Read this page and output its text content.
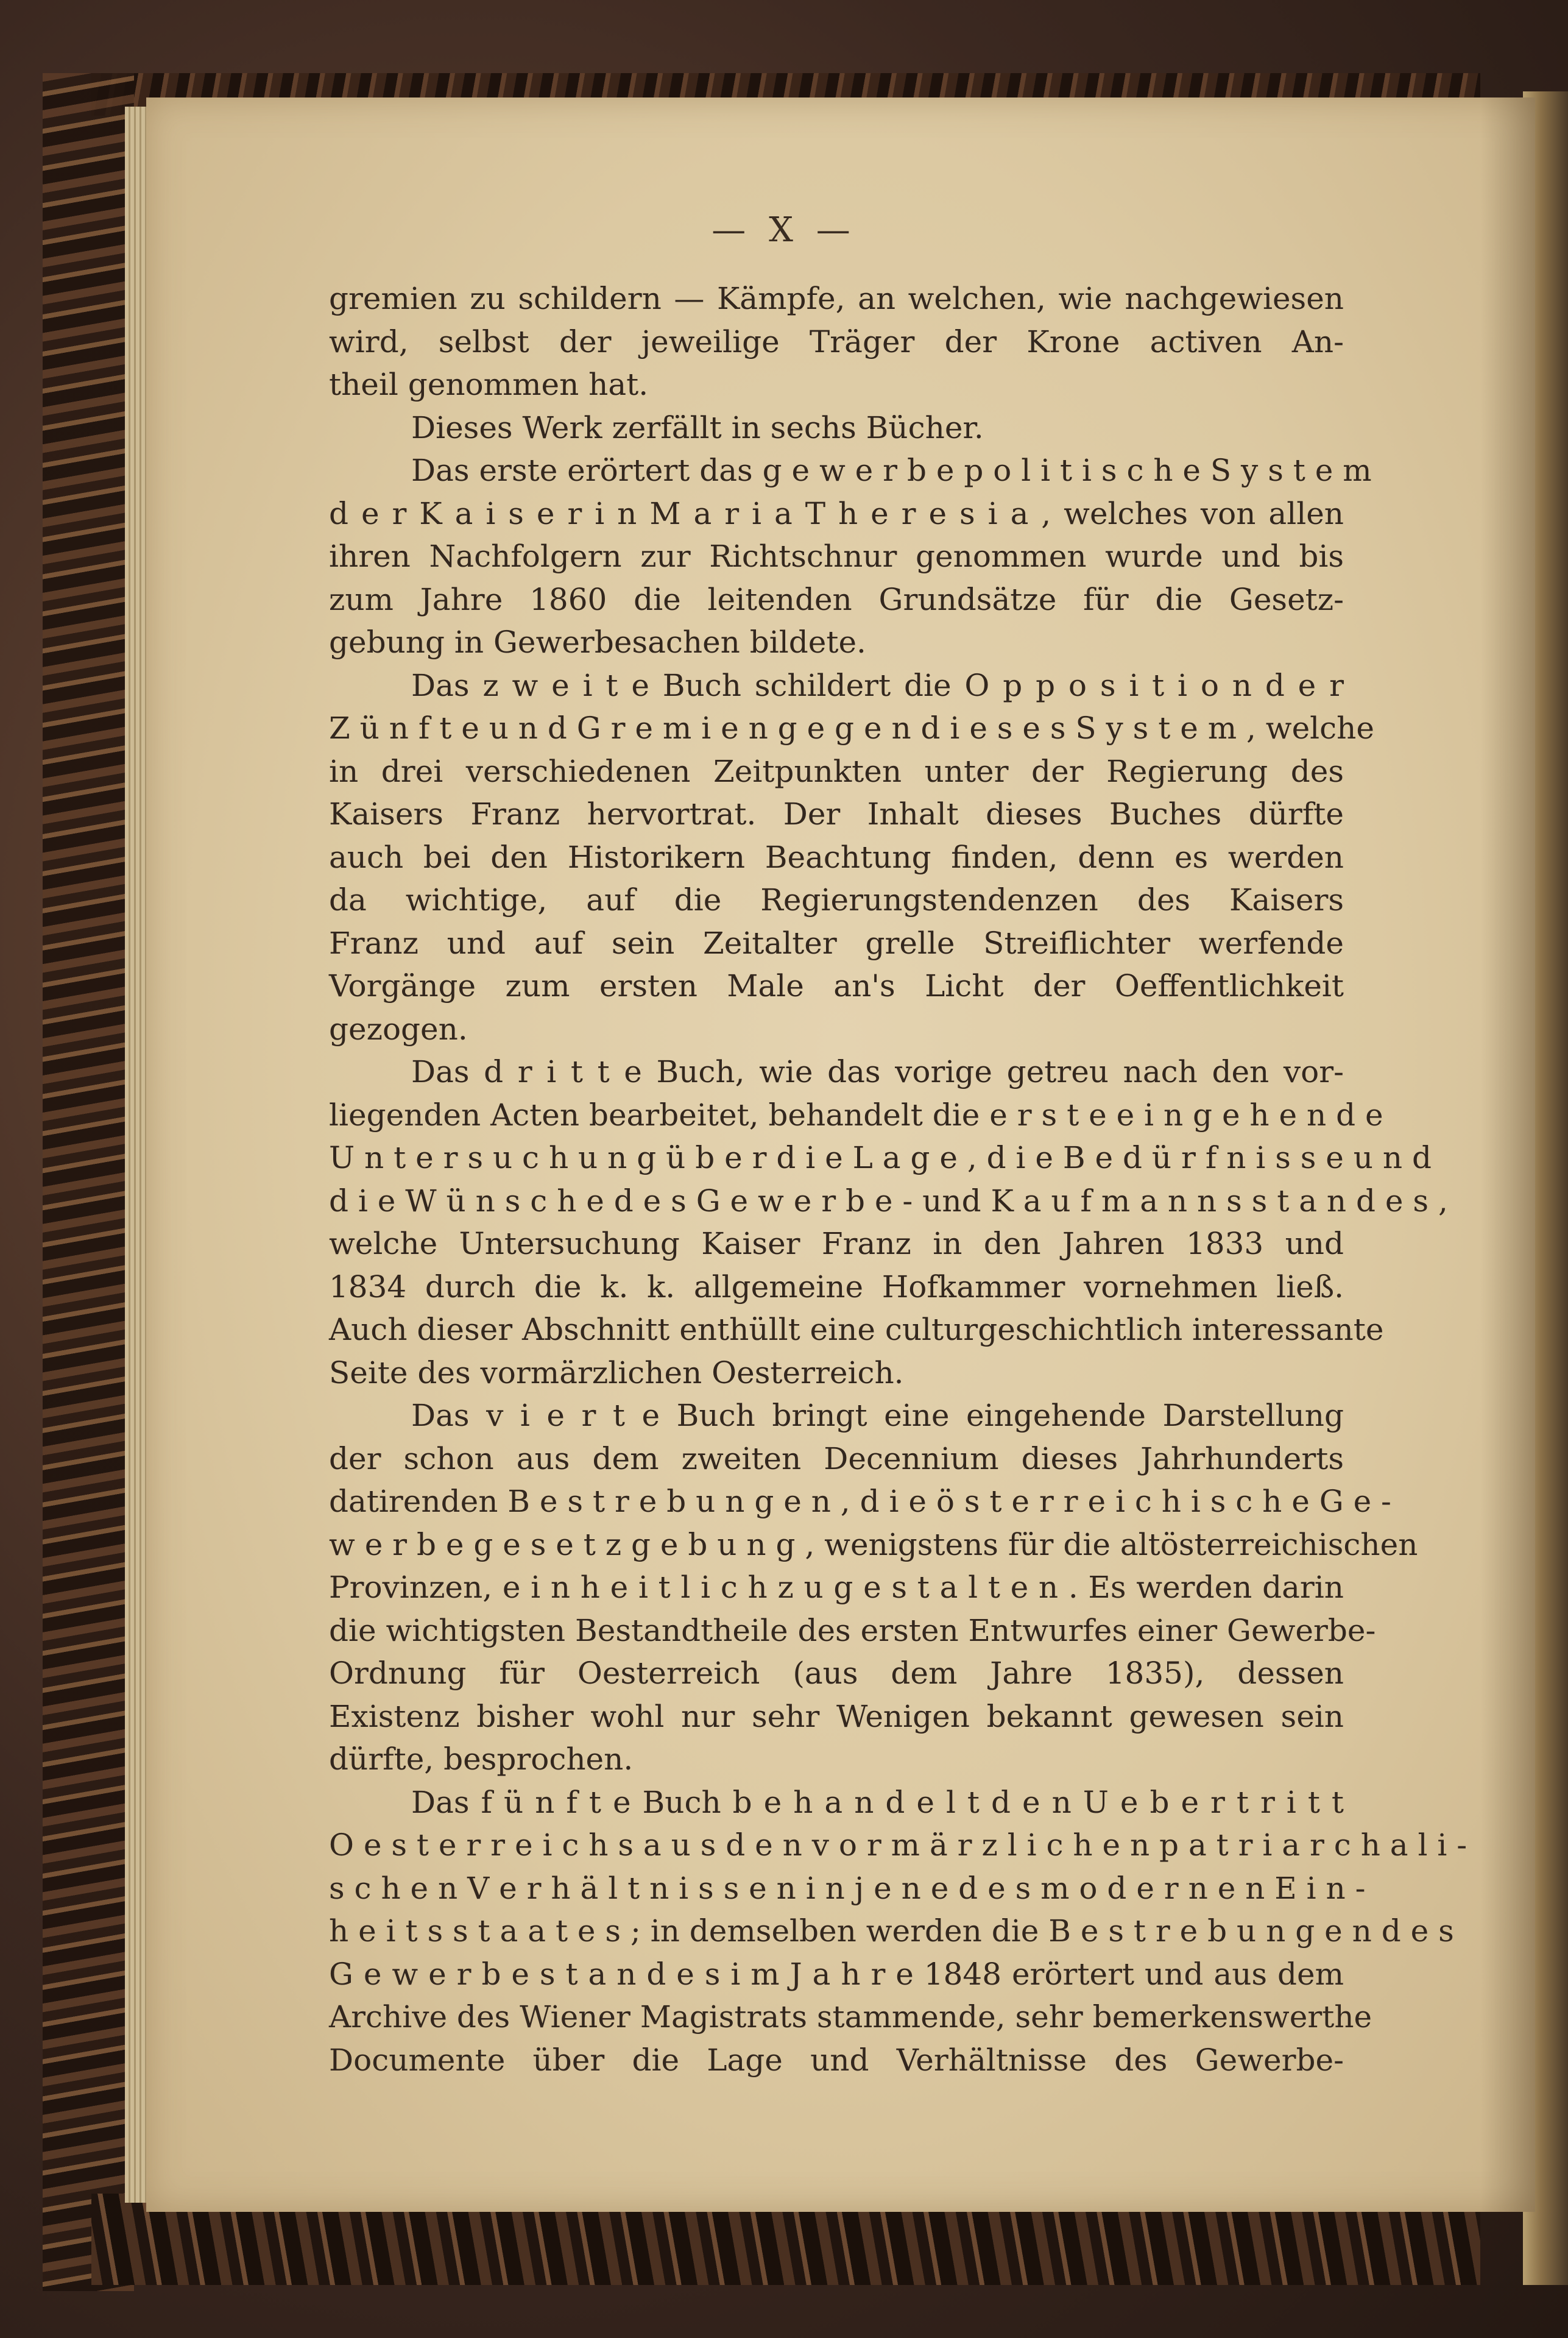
— X —
gremien zu schildern — Kämpfe, an welchen, wie nachgewiesen
wird, selbst der jeweilige Träger der Krone activen An-
theil genommen hat.
Dieses Werk zerfällt in sechs Bücher.
Das erste erörtert das g e w e r b e p o l i t i s c h e S y s t e m
d e r K a i s e r i n M a r i a T h e r e s i a , welches von allen
ihren Nachfolgern zur Richtschnur genommen wurde und bis
zum Jahre 1860 die leitenden Grundsätze für die Gesetz-
gebung in Gewerbesachen bildete.
Das z w e i t e Buch schildert die O p p o s i t i o n d e r
Z ü n f t e u n d G r e m i e n g e g e n d i e s e s S y s t e m , welche
in drei verschiedenen Zeitpunkten unter der Regierung des
Kaisers Franz hervortrat. Der Inhalt dieses Buches dürfte
auch bei den Historikern Beachtung finden, denn es werden
da wichtige, auf die Regierungstendenzen des Kaisers
Franz und auf sein Zeitalter grelle Streiflichter werfende
Vorgänge zum ersten Male an's Licht der Oeffentlichkeit
gezogen.
Das d r i t t e Buch, wie das vorige getreu nach den vor-
liegenden Acten bearbeitet, behandelt die e r s t e e i n g e h e n d e
U n t e r s u c h u n g ü b e r d i e L a g e , d i e B e d ü r f n i s s e u n d
d i e W ü n s c h e d e s G e w e r b e - und K a u f m a n n s s t a n d e s ,
welche Untersuchung Kaiser Franz in den Jahren 1833 und
1834 durch die k. k. allgemeine Hofkammer vornehmen ließ.
Auch dieser Abschnitt enthüllt eine culturgeschichtlich interessante
Seite des vormärzlichen Oesterreich.
Das v i e r t e Buch bringt eine eingehende Darstellung
der schon aus dem zweiten Decennium dieses Jahrhunderts
datirenden B e s t r e b u n g e n , d i e ö s t e r r e i c h i s c h e G e -
w e r b e g e s e t z g e b u n g , wenigstens für die altösterreichischen
Provinzen, e i n h e i t l i c h z u g e s t a l t e n . Es werden darin
die wichtigsten Bestandtheile des ersten Entwurfes einer Gewerbe-
Ordnung für Oesterreich (aus dem Jahre 1835), dessen
Existenz bisher wohl nur sehr Wenigen bekannt gewesen sein
dürfte, besprochen.
Das f ü n f t e Buch b e h a n d e l t d e n U e b e r t r i t t
O e s t e r r e i c h s a u s d e n v o r m ä r z l i c h e n p a t r i a r c h a l i -
s c h e n V e r h ä l t n i s s e n i n j e n e d e s m o d e r n e n E i n -
h e i t s s t a a t e s ; in demselben werden die B e s t r e b u n g e n d e s
G e w e r b e s t a n d e s i m J a h r e 1848 erörtert und aus dem
Archive des Wiener Magistrats stammende, sehr bemerkenswerthe
Documente über die Lage und Verhältnisse des Gewerbe-
